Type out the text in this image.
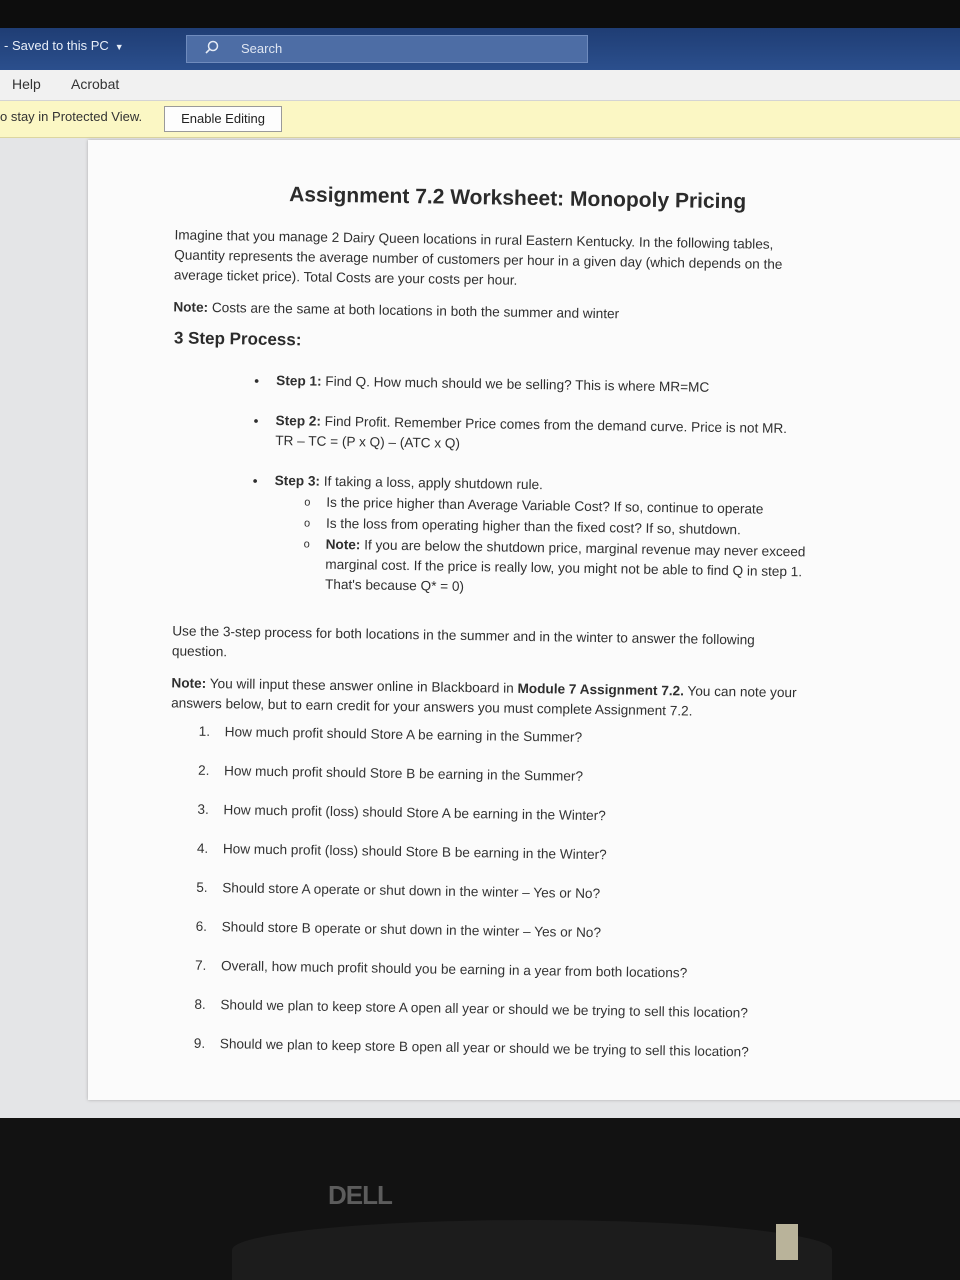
- Saved to this PC ▼	Search
Help Acrobat
o stay in Protected View.	Enable Editing
Assignment 7.2 Worksheet: Monopoly Pricing
Imagine that you manage 2 Dairy Queen locations in rural Eastern Kentucky. In the following tables,
Quantity represents the average number of customers per hour in a given day (which depends on the
average ticket price). Total Costs are your costs per hour.
Note: Costs are the same at both locations in both the summer and winter
3 Step Process:
• Step 1: Find Q. How much should we be selling? This is where MR=MC
• Step 2: Find Profit. Remember Price comes from the demand curve. Price is not MR.
TR – TC = (P x Q) – (ATC x Q)
• Step 3: If taking a loss, apply shutdown rule.
o Is the price higher than Average Variable Cost? If so, continue to operate
o Is the loss from operating higher than the fixed cost? If so, shutdown.
o Note: If you are below the shutdown price, marginal revenue may never exceed
marginal cost. If the price is really low, you might not be able to find Q in step 1.
That's because Q* = 0)
Use the 3-step process for both locations in the summer and in the winter to answer the following
question.
Note: You will input these answer online in Blackboard in Module 7 Assignment 7.2. You can note your
answers below, but to earn credit for your answers you must complete Assignment 7.2.
1. How much profit should Store A be earning in the Summer?
2. How much profit should Store B be earning in the Summer?
3. How much profit (loss) should Store A be earning in the Winter?
4. How much profit (loss) should Store B be earning in the Winter?
5. Should store A operate or shut down in the winter – Yes or No?
6. Should store B operate or shut down in the winter – Yes or No?
7. Overall, how much profit should you be earning in a year from both locations?
8. Should we plan to keep store A open all year or should we be trying to sell this location?
9. Should we plan to keep store B open all year or should we be trying to sell this location?
DELL
